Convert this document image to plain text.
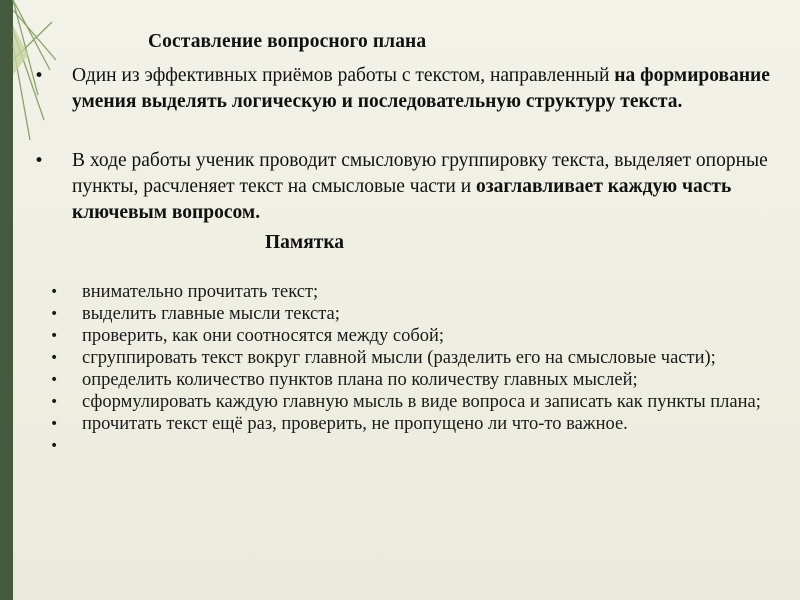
Составление вопросного плана

• Один из эффективных приёмов работы с текстом, направленный на формирование умения выделять логическую и последовательную структуру текста.

• В ходе работы ученик проводит смысловую группировку текста, выделяет опорные пункты, расчленяет текст на смысловые части и озаглавливает каждую часть ключевым вопросом.

Памятка
• внимательно прочитать текст;
• выделить главные мысли текста;
• проверить, как они соотносятся между собой;
• сгруппировать текст вокруг главной мысли (разделить его на смысловые части);
• определить количество пунктов плана по количеству главных мыслей;
• сформулировать каждую главную мысль в виде вопроса и записать как пункты плана;
• прочитать текст ещё раз, проверить, не пропущено ли что-то важное.
•
